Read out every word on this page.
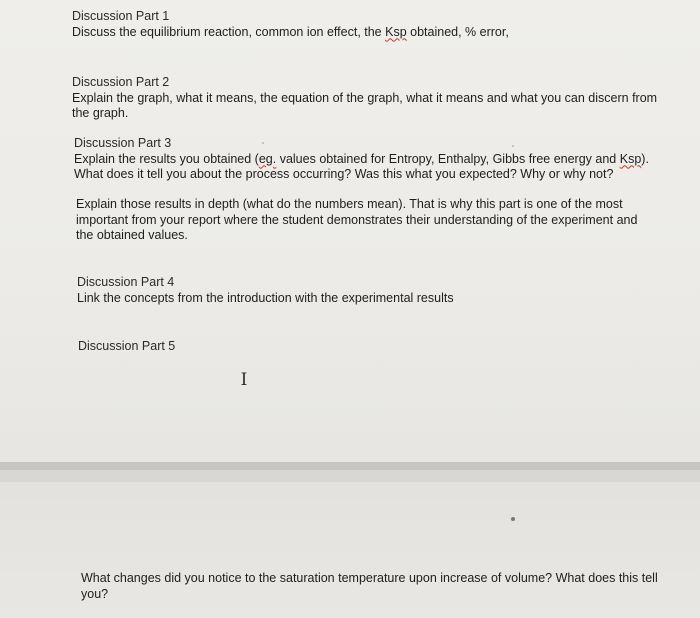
Discussion Part 1

Discuss the equilibrium reaction, common ion effect, the Ksp obtained, % error,

Discussion Part 2

Explain the graph, what it means, the equation of the graph, what it means and what you can discern from

the graph.

Discussion Part 3

Explain the results you obtained (eg. values obtained for Entropy, Enthalpy, Gibbs free energy and Ksp).

What does it tell you about the process occurring? Was this what you expected? Why or why not?

Explain those results in depth (what do the numbers mean). That is why this part is one of the most

important from your report where the student demonstrates their understanding of the experiment and

the obtained values.

Discussion Part 4

Link the concepts from the introduction with the experimental results

Discussion Part 5

I

What changes did you notice to the saturation temperature upon increase of volume? What does this tell

you?
